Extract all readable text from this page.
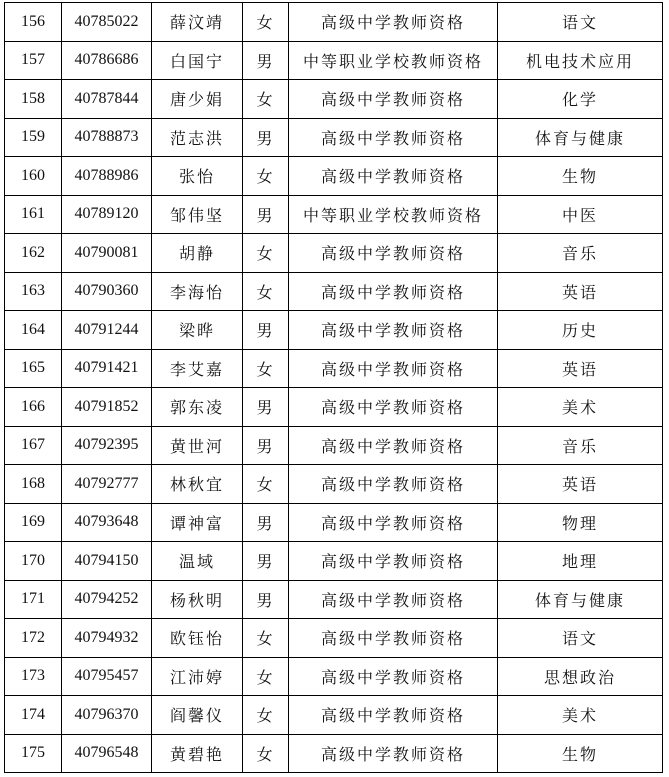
156	40785022	薛汶靖	女	高级中学教师资格	语文
157	40786686	白国宁	男	中等职业学校教师资格	机电技术应用
158	40787844	唐少娟	女	高级中学教师资格	化学
159	40788873	范志洪	男	高级中学教师资格	体育与健康
160	40788986	张怡	女	高级中学教师资格	生物
161	40789120	邹伟坚	男	中等职业学校教师资格	中医
162	40790081	胡静	女	高级中学教师资格	音乐
163	40790360	李海怡	女	高级中学教师资格	英语
164	40791244	梁晔	男	高级中学教师资格	历史
165	40791421	李艾嘉	女	高级中学教师资格	英语
166	40791852	郭东凌	男	高级中学教师资格	美术
167	40792395	黄世河	男	高级中学教师资格	音乐
168	40792777	林秋宜	女	高级中学教师资格	英语
169	40793648	谭神富	男	高级中学教师资格	物理
170	40794150	温域	男	高级中学教师资格	地理
171	40794252	杨秋明	男	高级中学教师资格	体育与健康
172	40794932	欧钰怡	女	高级中学教师资格	语文
173	40795457	江沛婷	女	高级中学教师资格	思想政治
174	40796370	阎馨仪	女	高级中学教师资格	美术
175	40796548	黄碧艳	女	高级中学教师资格	生物
